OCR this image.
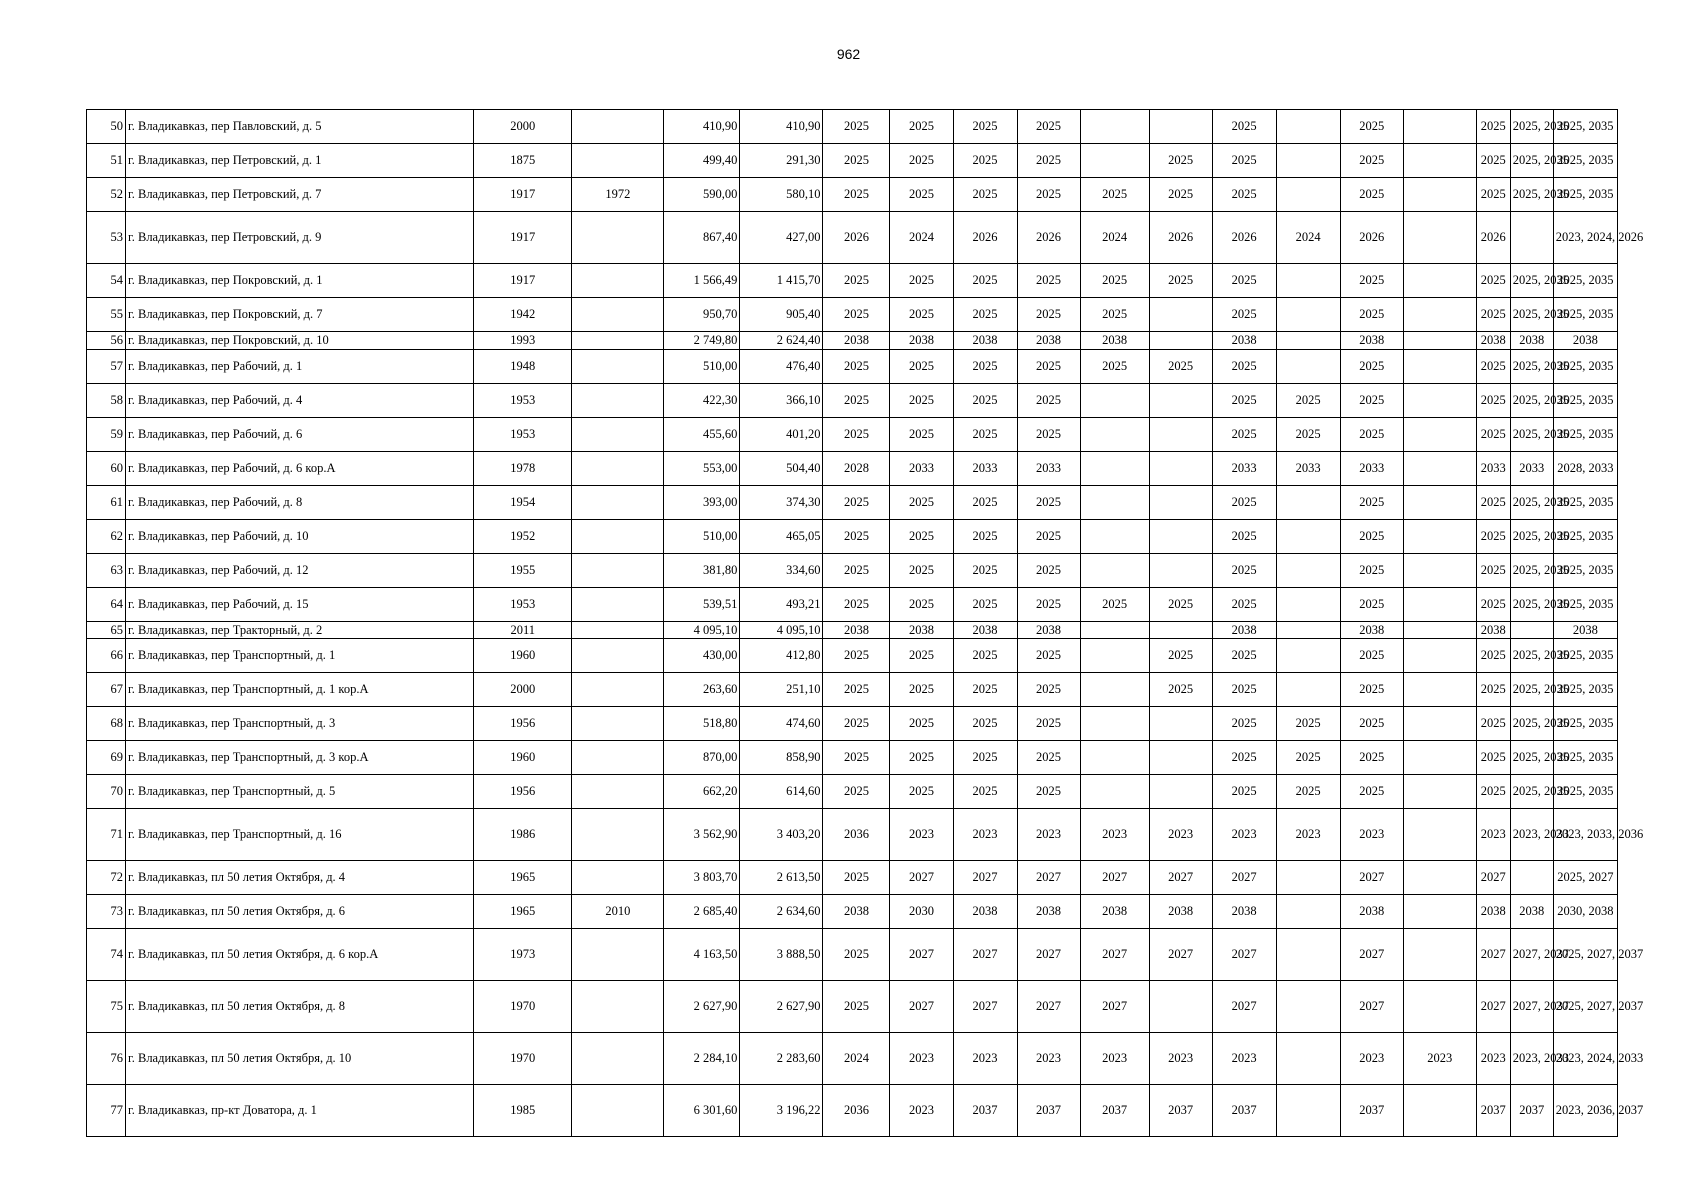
962
50	г. Владикавказ, пер Павловский, д. 5	2000		410,90	410,90	2025	2025	2025	2025			2025		2025		2025	2025, 2035	2025, 2035
51	г. Владикавказ, пер Петровский, д. 1	1875		499,40	291,30	2025	2025	2025	2025		2025	2025		2025		2025	2025, 2035	2025, 2035
52	г. Владикавказ, пер Петровский, д. 7	1917	1972	590,00	580,10	2025	2025	2025	2025	2025	2025	2025		2025		2025	2025, 2035	2025, 2035
53	г. Владикавказ, пер Петровский, д. 9	1917		867,40	427,00	2026	2024	2026	2026	2024	2026	2026	2024	2026		2026		2023, 2024, 2026
54	г. Владикавказ, пер Покровский, д. 1	1917		1 566,49	1 415,70	2025	2025	2025	2025	2025	2025	2025		2025		2025	2025, 2035	2025, 2035
55	г. Владикавказ, пер Покровский, д. 7	1942		950,70	905,40	2025	2025	2025	2025	2025		2025		2025		2025	2025, 2035	2025, 2035
56	г. Владикавказ, пер Покровский, д. 10	1993		2 749,80	2 624,40	2038	2038	2038	2038	2038		2038		2038		2038	2038	2038
57	г. Владикавказ, пер Рабочий, д. 1	1948		510,00	476,40	2025	2025	2025	2025	2025	2025	2025		2025		2025	2025, 2035	2025, 2035
58	г. Владикавказ, пер Рабочий, д. 4	1953		422,30	366,10	2025	2025	2025	2025			2025	2025	2025		2025	2025, 2035	2025, 2035
59	г. Владикавказ, пер Рабочий, д. 6	1953		455,60	401,20	2025	2025	2025	2025			2025	2025	2025		2025	2025, 2035	2025, 2035
60	г. Владикавказ, пер Рабочий, д. 6 кор.А	1978		553,00	504,40	2028	2033	2033	2033			2033	2033	2033		2033	2033	2028, 2033
61	г. Владикавказ, пер Рабочий, д. 8	1954		393,00	374,30	2025	2025	2025	2025			2025		2025		2025	2025, 2035	2025, 2035
62	г. Владикавказ, пер Рабочий, д. 10	1952		510,00	465,05	2025	2025	2025	2025			2025		2025		2025	2025, 2035	2025, 2035
63	г. Владикавказ, пер Рабочий, д. 12	1955		381,80	334,60	2025	2025	2025	2025			2025		2025		2025	2025, 2035	2025, 2035
64	г. Владикавказ, пер Рабочий, д. 15	1953		539,51	493,21	2025	2025	2025	2025	2025	2025	2025		2025		2025	2025, 2035	2025, 2035
65	г. Владикавказ, пер Тракторный, д. 2	2011		4 095,10	4 095,10	2038	2038	2038	2038			2038		2038		2038		2038
66	г. Владикавказ, пер Транспортный, д. 1	1960		430,00	412,80	2025	2025	2025	2025		2025	2025		2025		2025	2025, 2035	2025, 2035
67	г. Владикавказ, пер Транспортный, д. 1 кор.А	2000		263,60	251,10	2025	2025	2025	2025		2025	2025		2025		2025	2025, 2035	2025, 2035
68	г. Владикавказ, пер Транспортный, д. 3	1956		518,80	474,60	2025	2025	2025	2025			2025	2025	2025		2025	2025, 2035	2025, 2035
69	г. Владикавказ, пер Транспортный, д. 3 кор.А	1960		870,00	858,90	2025	2025	2025	2025			2025	2025	2025		2025	2025, 2035	2025, 2035
70	г. Владикавказ, пер Транспортный, д. 5	1956		662,20	614,60	2025	2025	2025	2025			2025	2025	2025		2025	2025, 2035	2025, 2035
71	г. Владикавказ, пер Транспортный, д. 16	1986		3 562,90	3 403,20	2036	2023	2023	2023	2023	2023	2023	2023	2023		2023	2023, 2033	2023, 2033, 2036
72	г. Владикавказ, пл 50 летия Октября, д. 4	1965		3 803,70	2 613,50	2025	2027	2027	2027	2027	2027	2027		2027		2027		2025, 2027
73	г. Владикавказ, пл 50 летия Октября, д. 6	1965	2010	2 685,40	2 634,60	2038	2030	2038	2038	2038	2038	2038		2038		2038	2038	2030, 2038
74	г. Владикавказ, пл 50 летия Октября, д. 6 кор.А	1973		4 163,50	3 888,50	2025	2027	2027	2027	2027	2027	2027		2027		2027	2027, 2037	2025, 2027, 2037
75	г. Владикавказ, пл 50 летия Октября, д. 8	1970		2 627,90	2 627,90	2025	2027	2027	2027	2027		2027		2027		2027	2027, 2037	2025, 2027, 2037
76	г. Владикавказ, пл 50 летия Октября, д. 10	1970		2 284,10	2 283,60	2024	2023	2023	2023	2023	2023	2023		2023	2023	2023	2023, 2033	2023, 2024, 2033
77	г. Владикавказ, пр-кт Доватора, д. 1	1985		6 301,60	3 196,22	2036	2023	2037	2037	2037	2037	2037		2037		2037	2037	2023, 2036, 2037
